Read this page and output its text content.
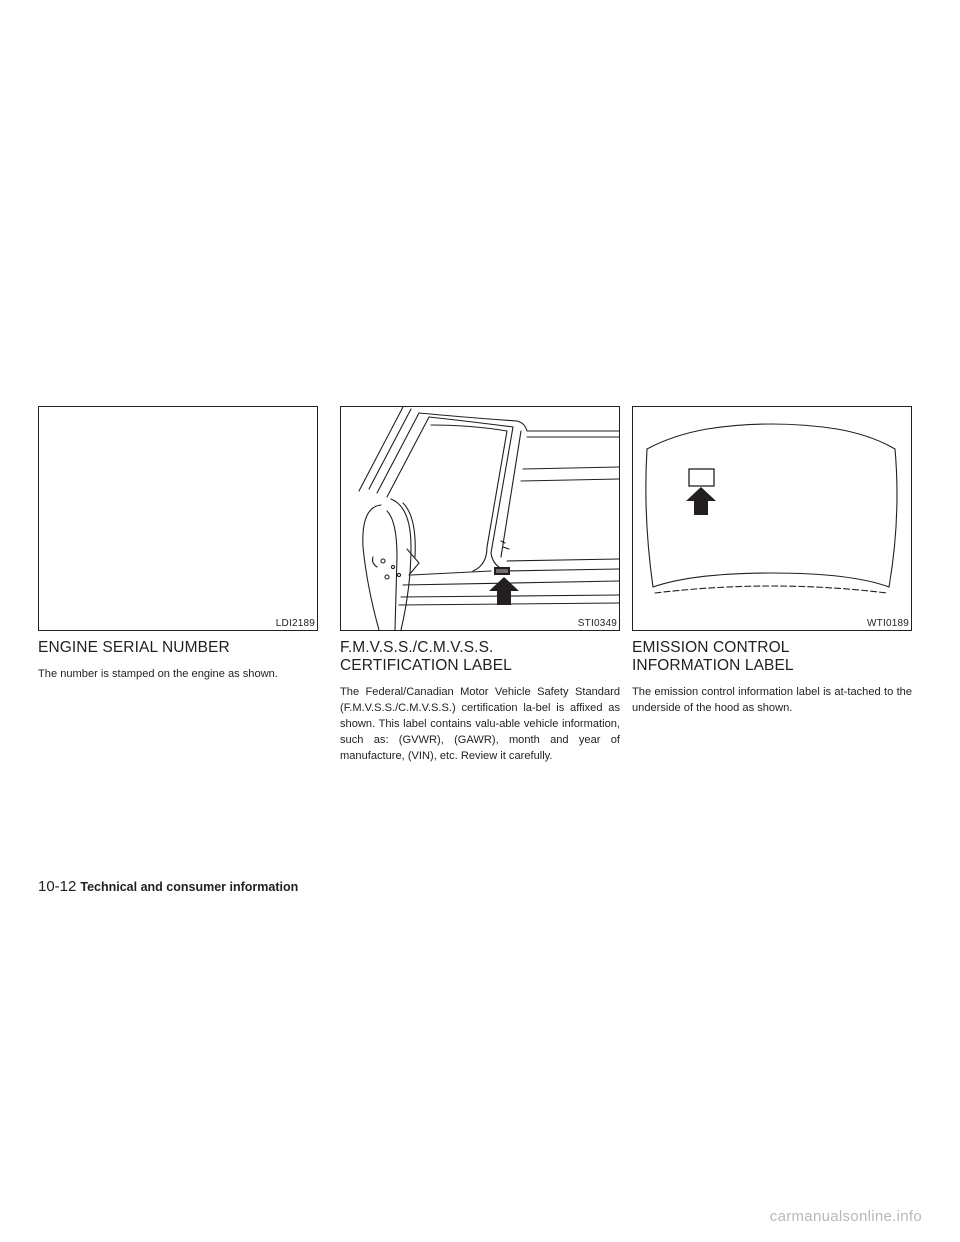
LDI2189
ENGINE SERIAL NUMBER

The number is stamped on the engine as shown.

STI0349
F.M.V.S.S./C.M.V.S.S.
CERTIFICATION LABEL

The Federal/Canadian Motor Vehicle Safety Standard (F.M.V.S.S./C.M.V.S.S.) certification la-bel is affixed as shown. This label contains valu-able vehicle information, such as: (GVWR), (GAWR), month and year of manufacture, (VIN), etc. Review it carefully.

WTI0189
EMISSION CONTROL
INFORMATION LABEL

The emission control information label is at-tached to the underside of the hood as shown.

10-12 Technical and consumer information
carmanualsonline.info
